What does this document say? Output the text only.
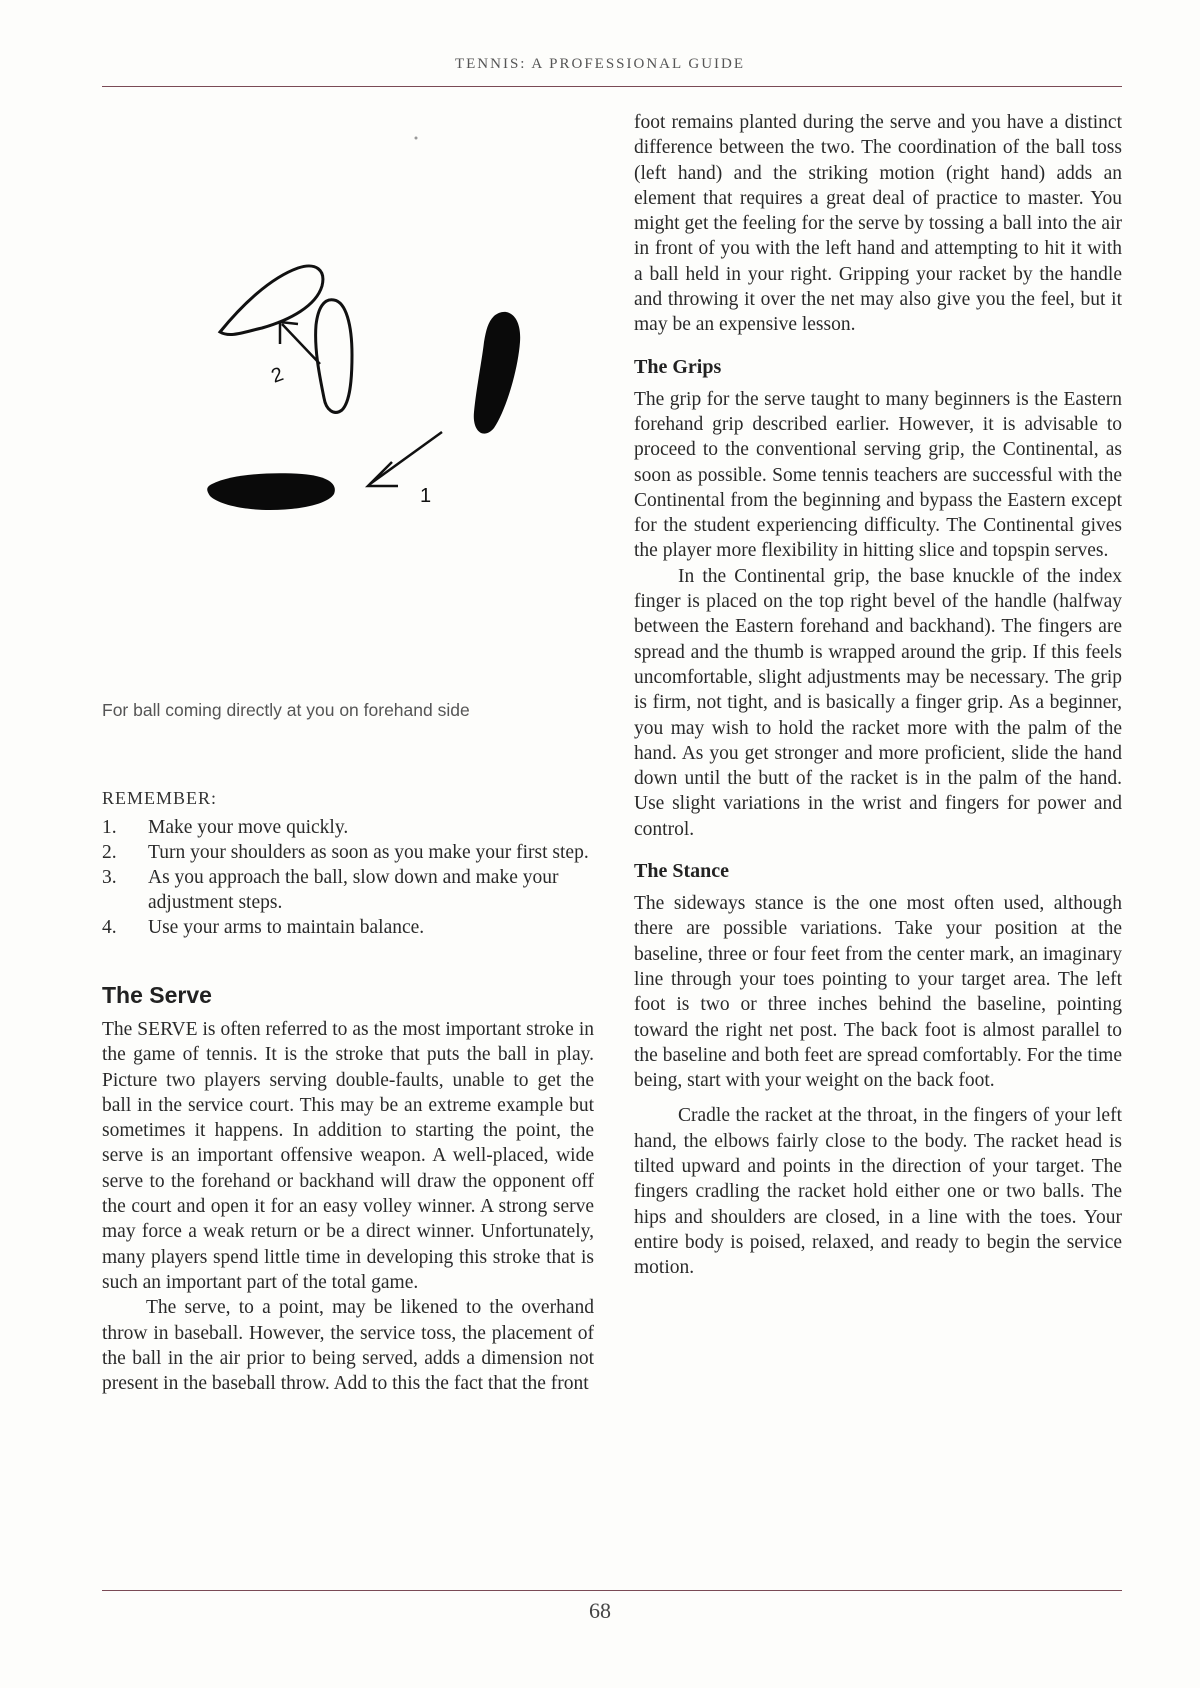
TENNIS: A PROFESSIONAL GUIDE
2
1

For ball coming directly at you on forehand side

REMEMBER:
1. Make your move quickly.
2. Turn your shoulders as soon as you make your first step.
3. As you approach the ball, slow down and make your adjustment steps.
4. Use your arms to maintain balance.
The Serve

The SERVE is often referred to as the most important stroke in the game of tennis. It is the stroke that puts the ball in play. Picture two players serving double-faults, unable to get the ball in the service court. This may be an extreme example but sometimes it happens. In addition to starting the point, the serve is an important offensive weapon. A well-placed, wide serve to the forehand or backhand will draw the opponent off the court and open it for an easy volley winner. A strong serve may force a weak return or be a direct winner. Unfortunately, many players spend little time in developing this stroke that is such an important part of the total game.

The serve, to a point, may be likened to the overhand throw in baseball. However, the service toss, the placement of the ball in the air prior to being served, adds a dimension not present in the baseball throw. Add to this the fact that the front

foot remains planted during the serve and you have a distinct difference between the two. The coordination of the ball toss (left hand) and the striking motion (right hand) adds an element that requires a great deal of practice to master. You might get the feeling for the serve by tossing a ball into the air in front of you with the left hand and attempting to hit it with a ball held in your right. Gripping your racket by the handle and throwing it over the net may also give you the feel, but it may be an expensive lesson.

The Grips

The grip for the serve taught to many beginners is the Eastern forehand grip described earlier. However, it is advisable to proceed to the conventional serving grip, the Continental, as soon as possible. Some tennis teachers are successful with the Continental from the beginning and bypass the Eastern except for the student experiencing difficulty. The Continental gives the player more flexibility in hitting slice and topspin serves.

In the Continental grip, the base knuckle of the index finger is placed on the top right bevel of the handle (halfway between the Eastern forehand and backhand). The fingers are spread and the thumb is wrapped around the grip. If this feels uncomfortable, slight adjustments may be necessary. The grip is firm, not tight, and is basically a finger grip. As a beginner, you may wish to hold the racket more with the palm of the hand. As you get stronger and more proficient, slide the hand down until the butt of the racket is in the palm of the hand. Use slight variations in the wrist and fingers for power and control.

The Stance

The sideways stance is the one most often used, although there are possible variations. Take your position at the baseline, three or four feet from the center mark, an imaginary line through your toes pointing to your target area. The left foot is two or three inches behind the baseline, pointing toward the right net post. The back foot is almost parallel to the baseline and both feet are spread comfortably. For the time being, start with your weight on the back foot.

Cradle the racket at the throat, in the fingers of your left hand, the elbows fairly close to the body. The racket head is tilted upward and points in the direction of your target. The fingers cradling the racket hold either one or two balls. The hips and shoulders are closed, in a line with the toes. Your entire body is poised, relaxed, and ready to begin the service motion.

68
